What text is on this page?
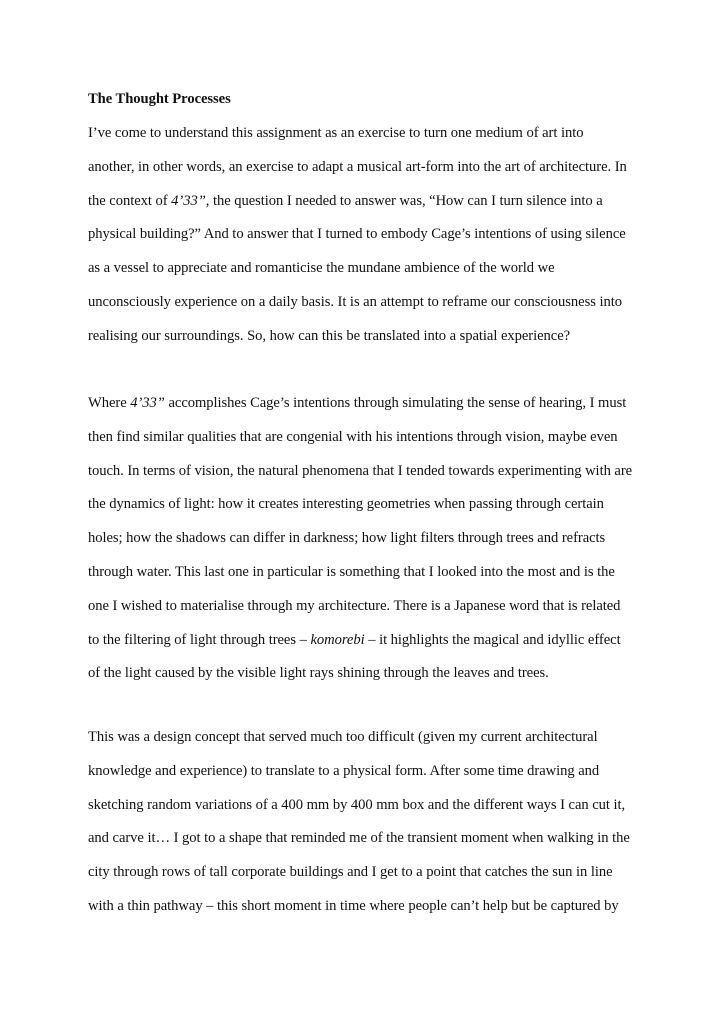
The Thought Processes
I’ve come to understand this assignment as an exercise to turn one medium of art into
another, in other words, an exercise to adapt a musical art-form into the art of architecture. In
the context of 4’33”, the question I needed to answer was, “How can I turn silence into a
physical building?” And to answer that I turned to embody Cage’s intentions of using silence
as a vessel to appreciate and romanticise the mundane ambience of the world we
unconsciously experience on a daily basis. It is an attempt to reframe our consciousness into
realising our surroundings. So, how can this be translated into a spatial experience?
Where 4’33” accomplishes Cage’s intentions through simulating the sense of hearing, I must
then find similar qualities that are congenial with his intentions through vision, maybe even
touch. In terms of vision, the natural phenomena that I tended towards experimenting with are
the dynamics of light: how it creates interesting geometries when passing through certain
holes; how the shadows can differ in darkness; how light filters through trees and refracts
through water. This last one in particular is something that I looked into the most and is the
one I wished to materialise through my architecture. There is a Japanese word that is related
to the filtering of light through trees – komorebi – it highlights the magical and idyllic effect
of the light caused by the visible light rays shining through the leaves and trees.
This was a design concept that served much too difficult (given my current architectural
knowledge and experience) to translate to a physical form. After some time drawing and
sketching random variations of a 400 mm by 400 mm box and the different ways I can cut it,
and carve it… I got to a shape that reminded me of the transient moment when walking in the
city through rows of tall corporate buildings and I get to a point that catches the sun in line
with a thin pathway – this short moment in time where people can’t help but be captured by
